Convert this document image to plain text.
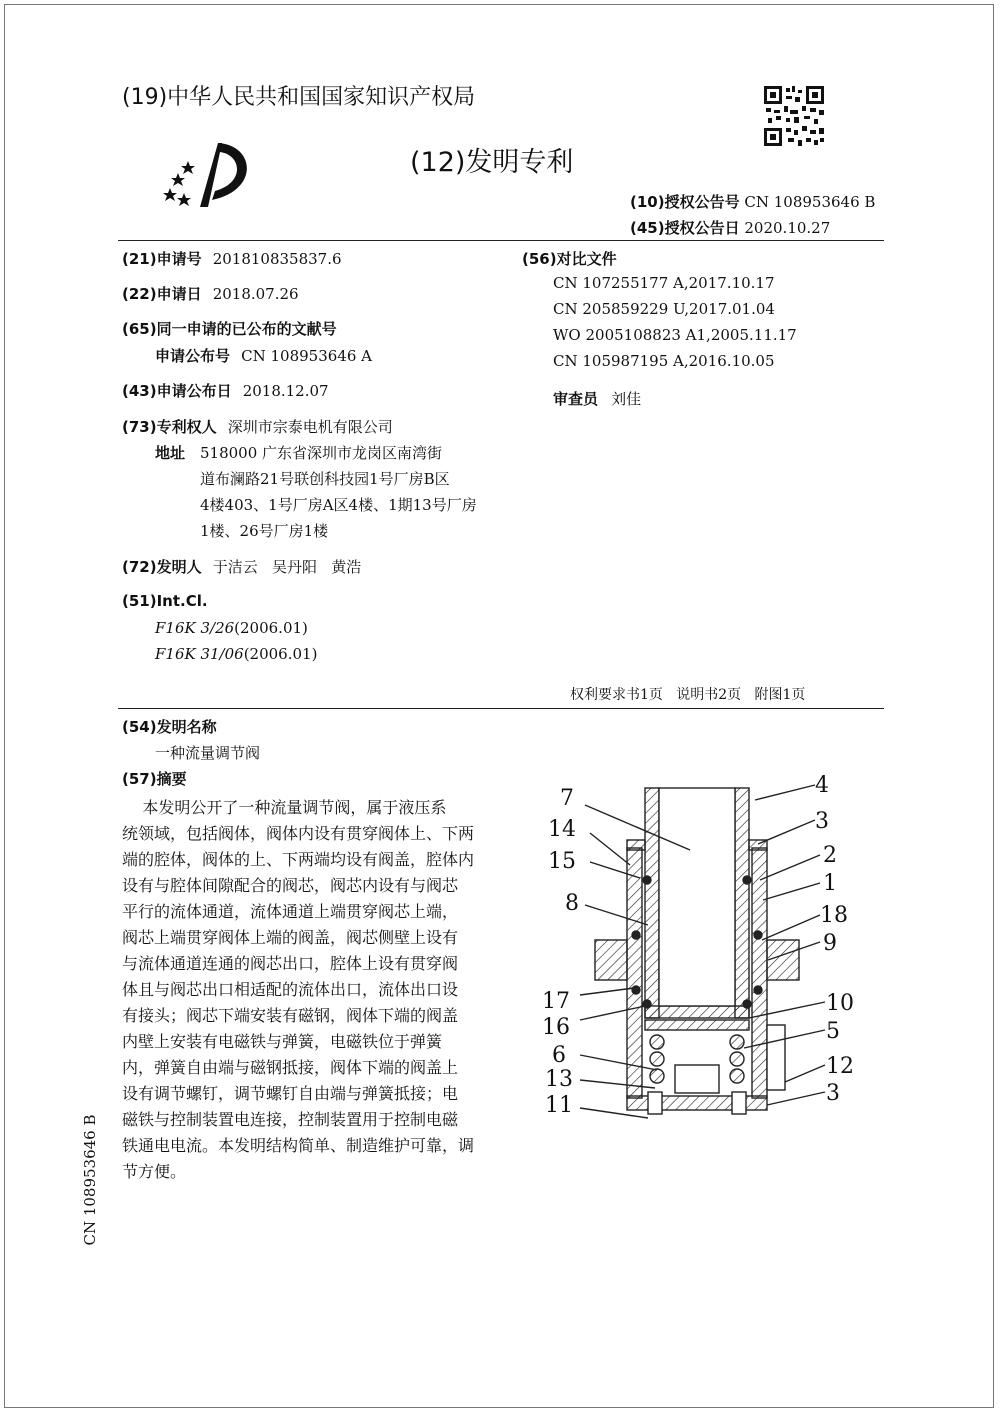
(19)中华人民共和国国家知识产权局
(12)发明专利
(10)授权公告号 CN 108953646 B
(45)授权公告日 2020.10.27
(21)申请号 201810835837.6
(22)申请日 2018.07.26
(65)同一申请的已公布的文献号
申请公布号 CN 108953646 A
(43)申请公布日 2018.12.07
(73)专利权人 深圳市宗泰电机有限公司
地址 518000 广东省深圳市龙岗区南湾街
道布澜路21号联创科技园1号厂房B区
4楼403、1号厂房A区4楼、1期13号厂房
1楼、26号厂房1楼
(72)发明人 于洁云   吴丹阳   黄浩
(51)Int.Cl.
F16K 3/26(2006.01)
F16K 31/06(2006.01)
(56)对比文件
CN 107255177 A,2017.10.17
CN 205859229 U,2017.01.04
WO 2005108823 A1,2005.11.17
CN 105987195 A,2016.10.05
审查员 刘佳
权利要求书1页   说明书2页   附图1页
(54)发明名称
一种流量调节阀
(57)摘要
本发明公开了一种流量调节阀，属于液压系
统领域，包括阀体，阀体内设有贯穿阀体上、下两
端的腔体，阀体的上、下两端均设有阀盖，腔体内
设有与腔体间隙配合的阀芯，阀芯内设有与阀芯
平行的流体通道，流体通道上端贯穿阀芯上端，
阀芯上端贯穿阀体上端的阀盖，阀芯侧壁上设有
与流体通道连通的阀芯出口，腔体上设有贯穿阀
体且与阀芯出口相适配的流体出口，流体出口设
有接头；阀芯下端安装有磁钢，阀体下端的阀盖
内壁上安装有电磁铁与弹簧，电磁铁位于弹簧
内，弹簧自由端与磁钢抵接，阀体下端的阀盖上
设有调节螺钉，调节螺钉自由端与弹簧抵接；电
磁铁与控制装置电连接，控制装置用于控制电磁
铁通电电流。本发明结构简单、制造维护可靠，调
节方便。
CN 108953646 B
7
14
15
8
17
16
6
13
11
4
3
2
1
18
9
10
5
12
3
